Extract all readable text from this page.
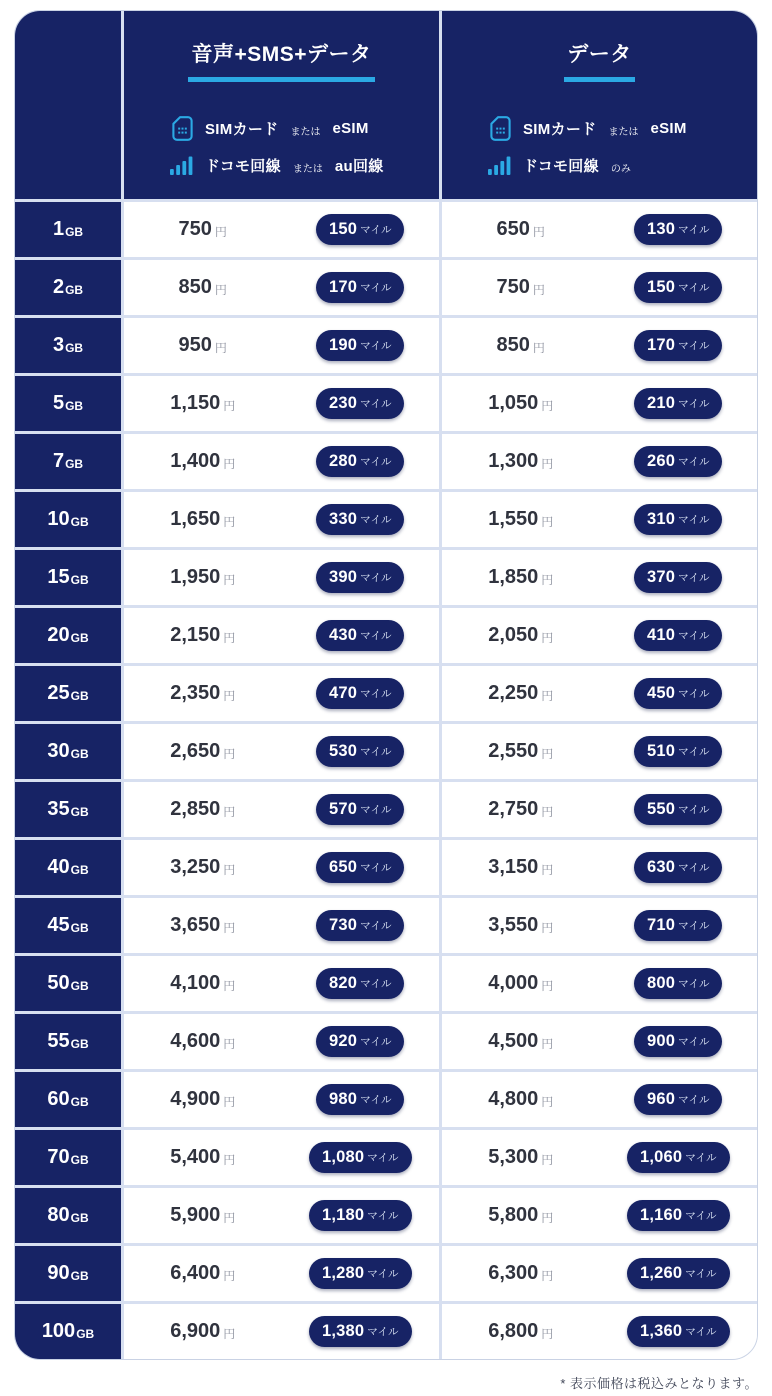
音声+SMS+データ
SIMカード または eSIM
ドコモ回線 または au回線
データ
SIMカード または eSIM
ドコモ回線 のみ
1 GB	750 円	150 マイル	650 円	130 マイル
2 GB	850 円	170 マイル	750 円	150 マイル
3 GB	950 円	190 マイル	850 円	170 マイル
5 GB	1,150 円	230 マイル	1,050 円	210 マイル
7 GB	1,400 円	280 マイル	1,300 円	260 マイル
10 GB	1,650 円	330 マイル	1,550 円	310 マイル
15 GB	1,950 円	390 マイル	1,850 円	370 マイル
20 GB	2,150 円	430 マイル	2,050 円	410 マイル
25 GB	2,350 円	470 マイル	2,250 円	450 マイル
30 GB	2,650 円	530 マイル	2,550 円	510 マイル
35 GB	2,850 円	570 マイル	2,750 円	550 マイル
40 GB	3,250 円	650 マイル	3,150 円	630 マイル
45 GB	3,650 円	730 マイル	3,550 円	710 マイル
50 GB	4,100 円	820 マイル	4,000 円	800 マイル
55 GB	4,600 円	920 マイル	4,500 円	900 マイル
60 GB	4,900 円	980 マイル	4,800 円	960 マイル
70 GB	5,400 円	1,080 マイル	5,300 円	1,060 マイル
80 GB	5,900 円	1,180 マイル	5,800 円	1,160 マイル
90 GB	6,400 円	1,280 マイル	6,300 円	1,260 マイル
100 GB	6,900 円	1,380 マイル	6,800 円	1,360 マイル
* 表示価格は税込みとなります。
